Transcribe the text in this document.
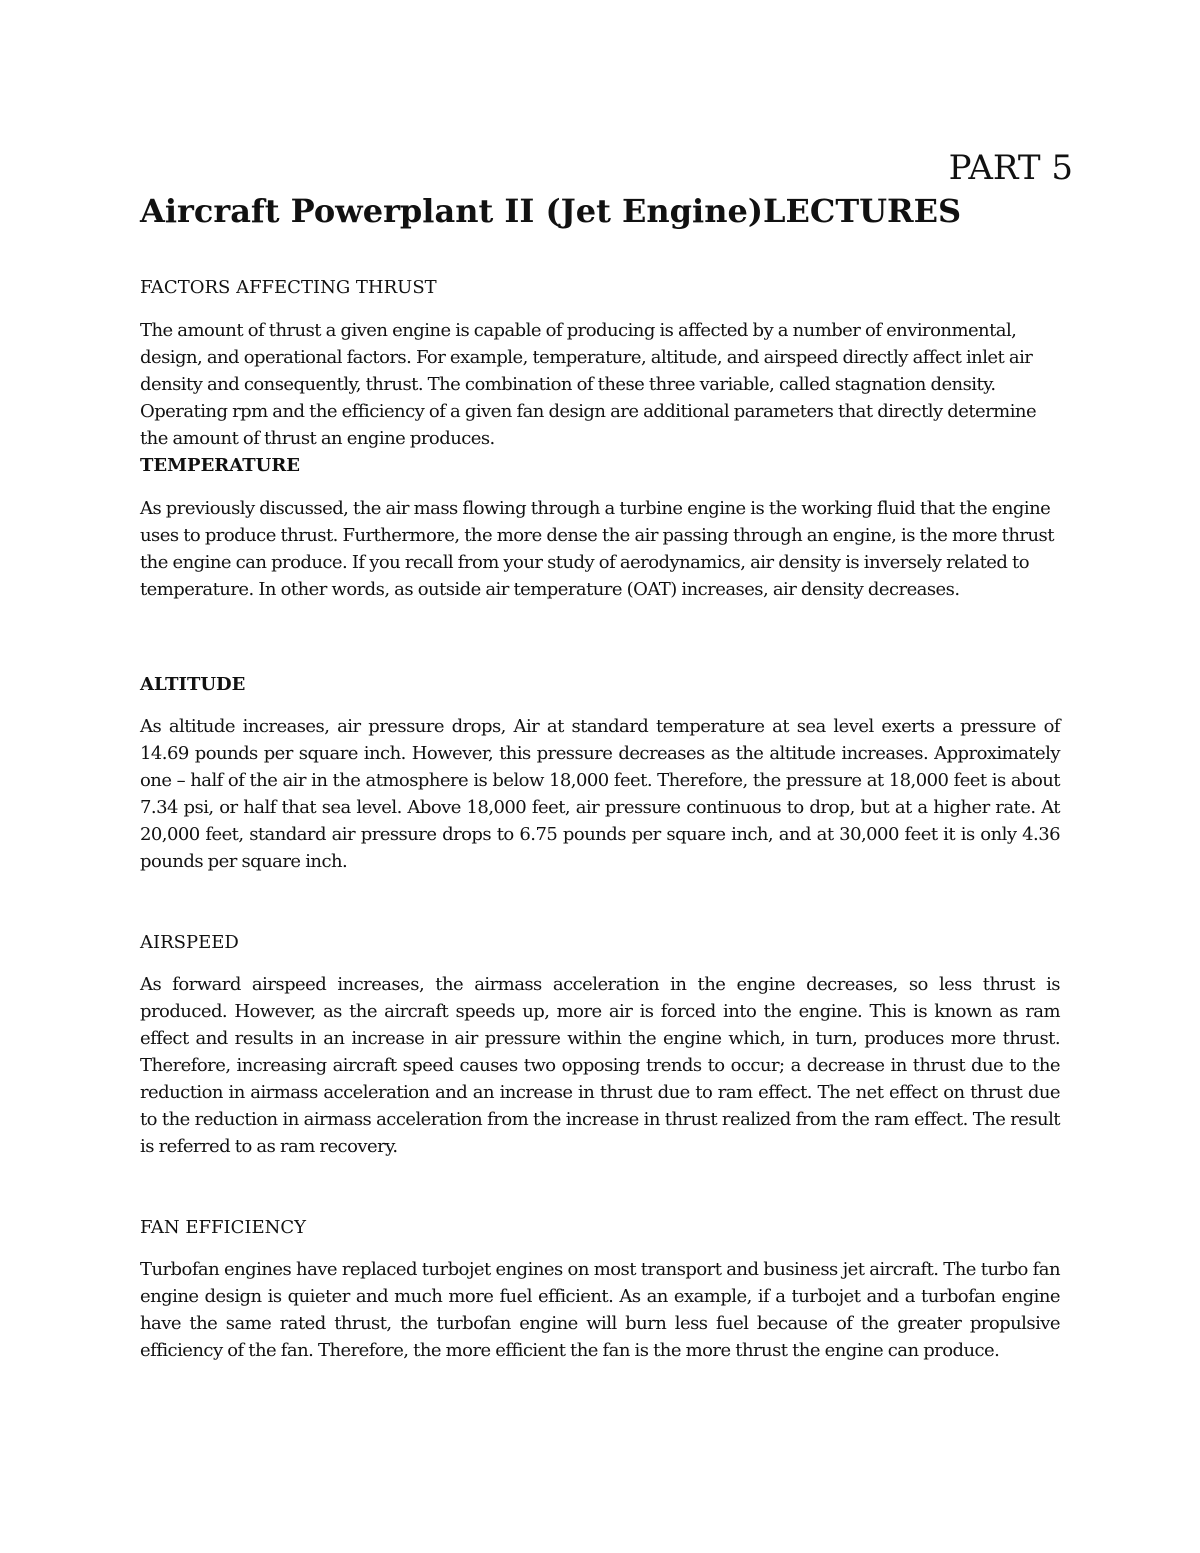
PART 5
Aircraft Powerplant II (Jet Engine)LECTURES
FACTORS AFFECTING THRUST
The amount of thrust a given engine is capable of producing is affected by a number of environmental, design, and operational factors. For example, temperature, altitude, and airspeed directly affect inlet air density and consequently, thrust. The combination of these three variable, called stagnation density. Operating rpm and the efficiency of a given fan design are additional parameters that directly determine the amount of thrust an engine produces.
TEMPERATURE
As previously discussed, the air mass flowing through a turbine engine is the working fluid that the engine uses to produce thrust. Furthermore, the more dense the air passing through an engine, is the more thrust the engine can produce. If you recall from your study of aerodynamics, air density is inversely related to temperature. In other words, as outside air temperature (OAT) increases, air density decreases.
ALTITUDE
As altitude increases, air pressure drops, Air at standard temperature at sea level exerts a pressure of 14.69 pounds per square inch. However, this pressure decreases as the altitude increases. Approximately one – half of the air in the atmosphere is below 18,000 feet. Therefore, the pressure at 18,000 feet is about 7.34 psi, or half that sea level. Above 18,000 feet, air pressure continuous to drop, but at a higher rate. At 20,000 feet, standard air pressure drops to 6.75 pounds per square inch, and at 30,000 feet it is only 4.36 pounds per square inch.
AIRSPEED
As forward airspeed increases, the airmass acceleration in the engine decreases, so less thrust is produced. However, as the aircraft speeds up, more air is forced into the engine. This is known as ram effect and results in an increase in air pressure within the engine which, in turn, produces more thrust. Therefore, increasing aircraft speed causes two opposing trends to occur; a decrease in thrust due to the reduction in airmass acceleration and an increase in thrust due to ram effect. The net effect on thrust due to the reduction in airmass acceleration from the increase in thrust realized from the ram effect. The result is referred to as ram recovery.
FAN EFFICIENCY
Turbofan engines have replaced turbojet engines on most transport and business jet aircraft. The turbo fan engine design is quieter and much more fuel efficient. As an example, if a turbojet and a turbofan engine have the same rated thrust, the turbofan engine will burn less fuel because of the greater propulsive efficiency of the fan. Therefore, the more efficient the fan is the more thrust the engine can produce.
